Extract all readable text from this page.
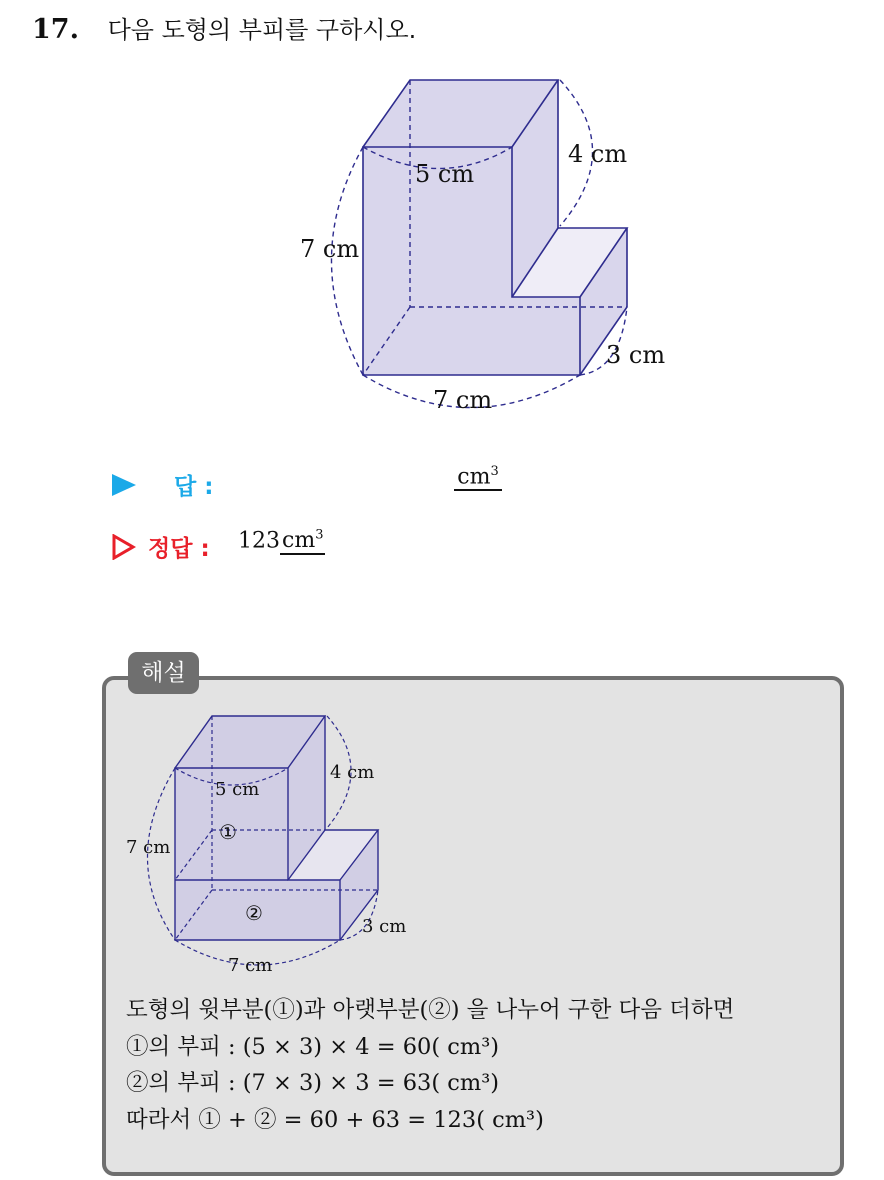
17. 다음 도형의 부피를 구하시오.
5 cm
4 cm
7 cm
3 cm
7 cm
답 :	$cm^3$
정답 : $123cm^3$
해설
5 cm
4 cm
7 cm
3 cm
7 cm
①
②
도형의 윗부분(①)과 아랫부분(②) 을 나누어 구한 다음 더하면
①의 부피 : (5 × 3) × 4 = 60( cm³)
②의 부피 : (7 × 3) × 3 = 63( cm³)
따라서 ① + ② = 60 + 63 = 123( cm³)
